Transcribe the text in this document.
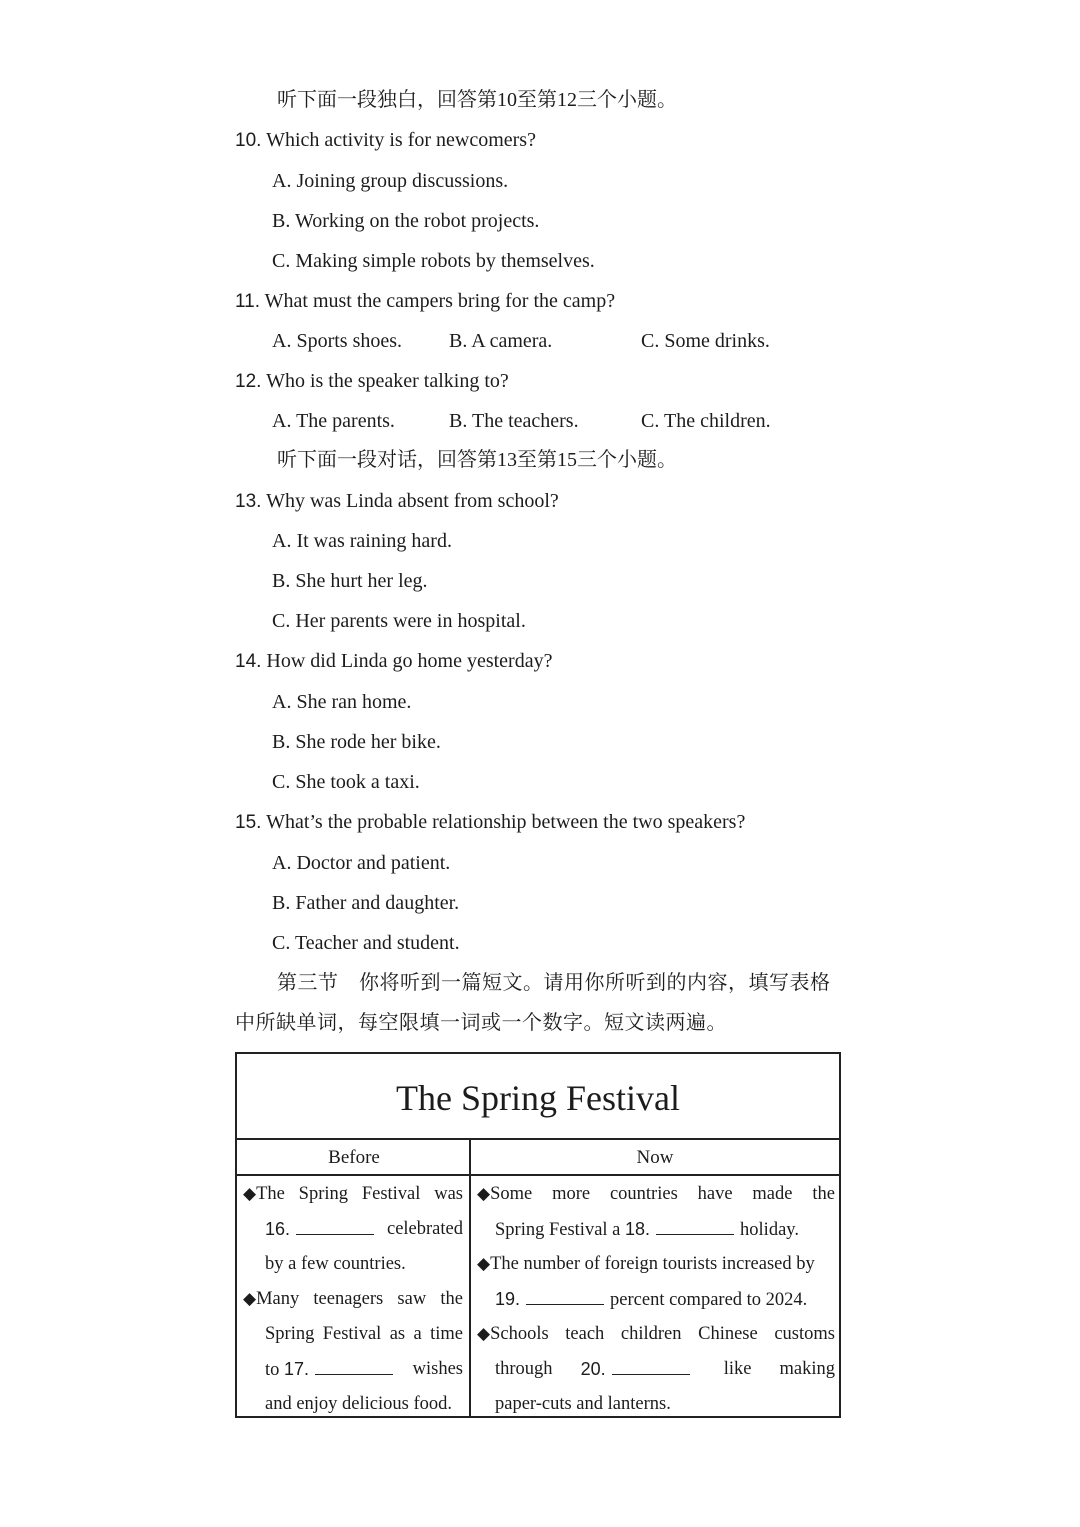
听下面一段独白，回答第10至第12三个小题。
10. Which activity is for newcomers?
A. Joining group discussions.
B. Working on the robot projects.
C. Making simple robots by themselves.
11. What must the campers bring for the camp?
A. Sports shoes. B. A camera.	C. Some drinks.
12. Who is the speaker talking to?
A. The parents.	B. The teachers.	C. The children.
听下面一段对话，回答第13至第15三个小题。
13. Why was Linda absent from school?
A. It was raining hard.
B. She hurt her leg.
C. Her parents were in hospital.
14. How did Linda go home yesterday?
A. She ran home.
B. She rode her bike.
C. She took a taxi.
15. What’s the probable relationship between the two speakers?
A. Doctor and patient.
B. Father and daughter.
C. Teacher and student.
第三节　你将听到一篇短文。请用你所听到的内容，填写表格
中所缺单词，每空限填一词或一个数字。短文读两遍。
The Spring Festival
Before	Now
◆The Spring Festival was
16.	celebrated
by a few countries.
◆Many teenagers saw the
Spring Festival as a time
to 17.	wishes
and enjoy delicious food.
◆Some more countries have made the
Spring Festival a 18.	holiday.
◆The number of foreign tourists increased by
19.	percent compared to 2024.
◆Schools teach children Chinese customs
through 20.	like making
paper-cuts and lanterns.
